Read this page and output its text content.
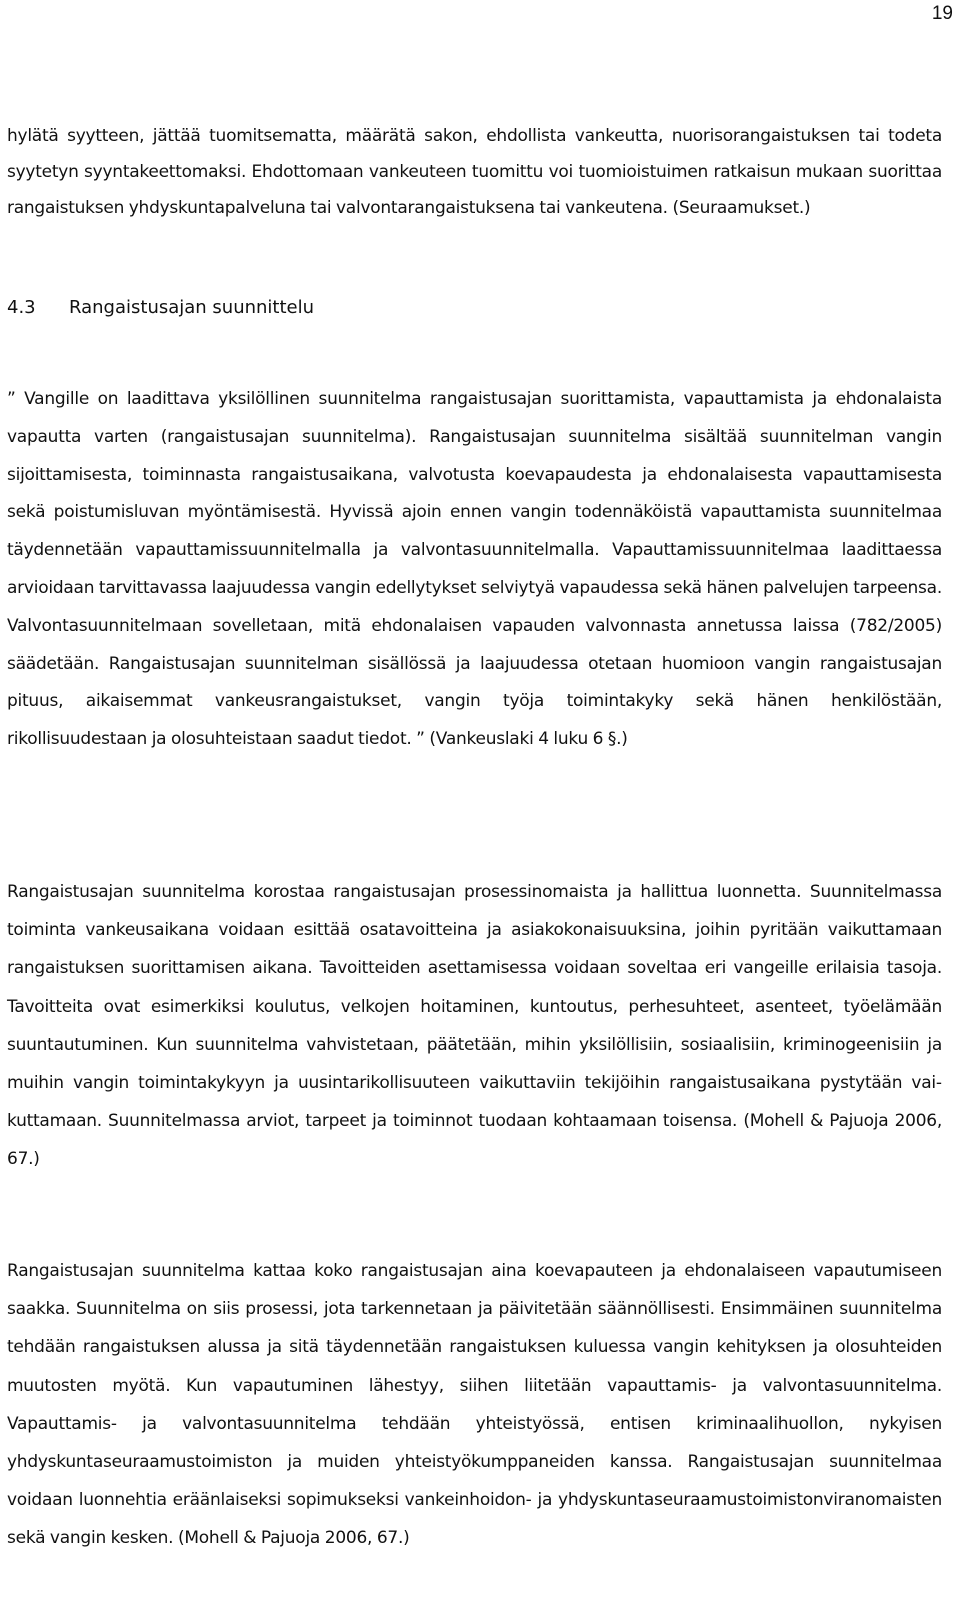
19

hylätä syytteen, jättää tuomitsematta, määrätä sakon, ehdollista vankeutta, nuorisorangaistuksen tai todeta syytetyn syyntakeettomaksi. Ehdottomaan vankeuteen tuomittu voi tuomioistuimen ratkaisun mukaan suorittaa rangaistuksen yhdyskuntapalveluna tai valvontarangaistuksena tai vankeutena. (Seuraamukset.)

4.3 Rangaistusajan suunnittelu

” Vangille on laadittava yksilöllinen suunnitelma rangaistusajan suorittamista, vapauttamista ja ehdonalaista vapautta varten (rangaistusajan suunnitelma). Rangaistusajan suunnitelma sisältää suunnitelman vangin sijoittamisesta, toiminnasta rangaistusaikana, valvotusta koevapaudesta ja ehdonalaisesta vapauttamisesta sekä poistumisluvan myöntämisestä. Hyvissä ajoin ennen vangin todennäköistä vapauttamista suunnitelmaa täydennetään vapauttamissuunnitelmalla ja valvontasuunnitelmalla. Vapauttamissuunnitelmaa laadittaessa arvioidaan tarvittavassa laajuudessa vangin edellytykset selviytyä vapaudessa sekä hänen palvelujen tarpeensa. Valvontasuunnitelmaan sovelletaan, mitä ehdonalaisen vapauden valvonnasta annetussa laissa (782/2005) säädetään. Rangaistusajan suunnitelman sisällössä ja laajuudessa otetaan huomioon vangin rangaistusajan pituus, aikaisemmat vankeusrangaistukset, vangin työja toimintakyky sekä hänen henkilöstään, rikollisuudestaan ja olosuhteistaan saadut tiedot. ” (Vankeuslaki 4 luku 6 §.)

Rangaistusajan suunnitelma korostaa rangaistusajan prosessinomaista ja hallittua luonnetta. Suunnitelmassa toiminta vankeusaikana voidaan esittää osatavoitteina ja asiakokonaisuuksina, joihin pyritään vaikuttamaan rangaistuksen suorittamisen aikana. Tavoitteiden asettamisessa voidaan soveltaa eri vangeille erilaisia tasoja. Tavoitteita ovat esimerkiksi koulutus, velkojen hoitaminen, kuntoutus, perhesuhteet, asenteet, työelämään suuntautuminen. Kun suunnitelma vahvistetaan, päätetään, mihin yksilöllisiin, sosiaalisiin, kriminogeenisiin ja muihin vangin toimintakykyyn ja uusintarikollisuuteen vaikuttaviin tekijöihin rangaistusaikana pystytään vaikuttamaan. Suunnitelmassa arviot, tarpeet ja toiminnot tuodaan kohtaamaan toisensa. (Mohell & Pajuoja 2006, 67.)

Rangaistusajan suunnitelma kattaa koko rangaistusajan aina koevapauteen ja ehdonalaiseen vapautumiseen saakka. Suunnitelma on siis prosessi, jota tarkennetaan ja päivitetään säännöllisesti. Ensimmäinen suunnitelma tehdään rangaistuksen alussa ja sitä täydennetään rangaistuksen kuluessa vangin kehityksen ja olosuhteiden muutosten myötä. Kun vapautuminen lähestyy, siihen liitetään vapauttamis- ja valvontasuunnitelma. Vapauttamis- ja valvontasuunnitelma tehdään yhteistyössä, entisen kriminaalihuollon, nykyisen yhdyskuntaseuraamustoimiston ja muiden yhteistyökumppaneiden kanssa. Rangaistusajan suunnitelmaa voidaan luonnehtia eräänlaiseksi sopimukseksi vankeinhoidon- ja yhdyskuntaseuraamustoimistonviranomaisten sekä vangin kesken. (Mohell & Pajuoja 2006, 67.)
